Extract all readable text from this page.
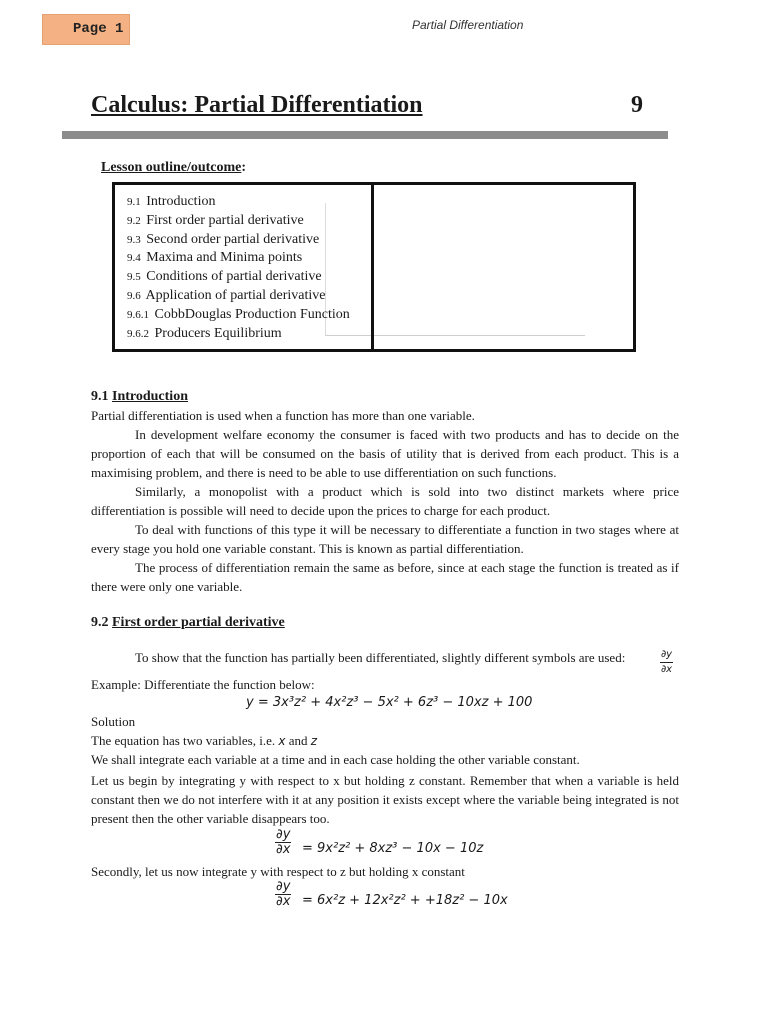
Page 1	Partial Differentiation
Calculus: Partial Differentiation	9
Lesson outline/outcome:
9.1 Introduction
9.2 First order partial derivative
9.3 Second order partial derivative
9.4 Maxima and Minima points
9.5 Conditions of partial derivative
9.6 Application of partial derivative
9.6.1 CobbDouglas Production Function
9.6.2 Producers Equilibrium
9.1 Introduction

Partial differentiation is used when a function has more than one variable.

In development welfare economy the consumer is faced with two products and has to decide on the proportion of each that will be consumed on the basis of utility that is derived from each product. This is a maximising problem, and there is need to be able to use differentiation on such functions.

Similarly, a monopolist with a product which is sold into two distinct markets where price differentiation is possible will need to decide upon the prices to charge for each product.

To deal with functions of this type it will be necessary to differentiate a function in two stages where at every stage you hold one variable constant. This is known as partial differentiation.

The process of differentiation remain the same as before, since at each stage the function is treated as if there were only one variable.

9.2 First order partial derivative
To show that the function has partially been differentiated, slightly different symbols are used:	$\frac{\partial y}{\partial x}$
Example: Differentiate the function below:
y = 3x³z² + 4x²z³ − 5x² + 6z³ − 10xz + 100
Solution
The equation has two variables, i.e. x and z
We shall integrate each variable at a time and in each case holding the other variable constant.

Let us begin by integrating y with respect to x but holding z constant. Remember that when a variable is held constant then we do not interfere with it at any position it exists except where the variable being integrated is not present then the other variable disappears too.

$\frac{\partial y}{\partial x} = 9x^2z^2 + 8xz^3 - 10x - 10z$
Secondly, let us now integrate y with respect to z but holding x constant
$\frac{\partial y}{\partial x} = 6x^2z + 12x^2z^2 + +18z^2 - 10x$
